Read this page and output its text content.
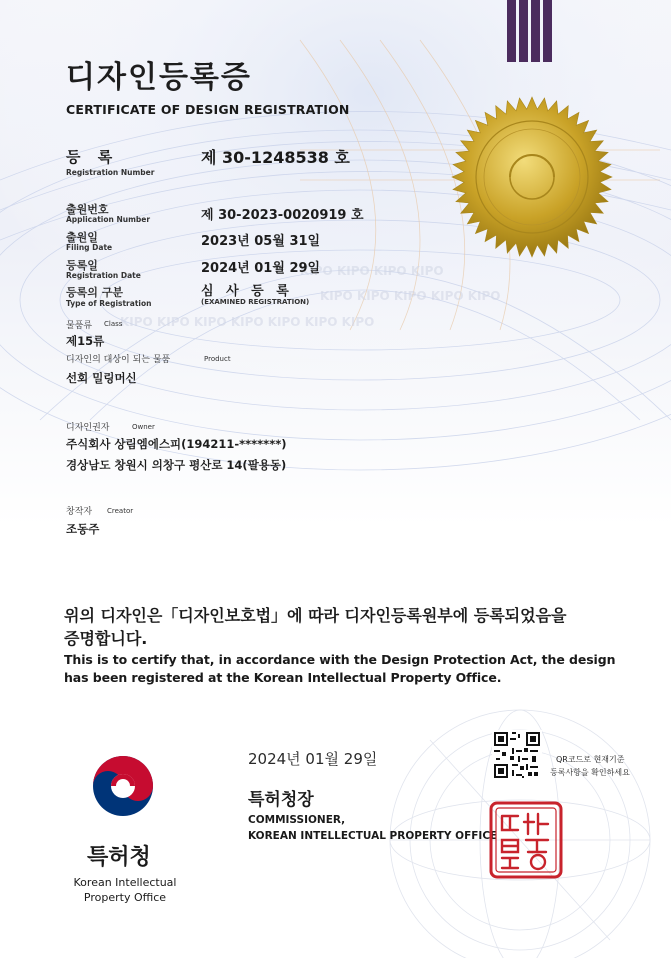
KIPO KIPO KIPO KIPO
KIPO KIPO KIPO KIPO KIPO
KIPO KIPO KIPO KIPO KIPO KIPO KIPO
디자인등록증
CERTIFICATE OF DESIGN REGISTRATION
등 록
Registration Number
제 30-1248538 호
출원번호
Application Number	제 30-2023-0020919 호
출원일
Filing Date	2023년 05월 31일
등록일
Registration Date	2024년 01월 29일
등록의 구분
Type of Registration
심 사 등 록
(EXAMINED REGISTRATION)
물품류 Class
제15류
디자인의 대상이 되는 물품	Product
선회 밀링머신
디자인권자	Owner
주식회사 상림엠에스피(194211-*******)
경상남도 창원시 의창구 평산로 14(팔용동)
창작자 Creator
조동주
위의 디자인은「디자인보호법」에 따라 디자인등록원부에 등록되었음을
증명합니다.
This is to certify that, in accordance with the Design Protection Act, the design
has been registered at the Korean Intellectual Property Office.
특허청
Korean Intellectual
Property Office
2024년 01월 29일
특허청장
COMMISSIONER,
KOREAN INTELLECTUAL PROPERTY OFFICE
QR코드로 현재기준
등록사항을 확인하세요
